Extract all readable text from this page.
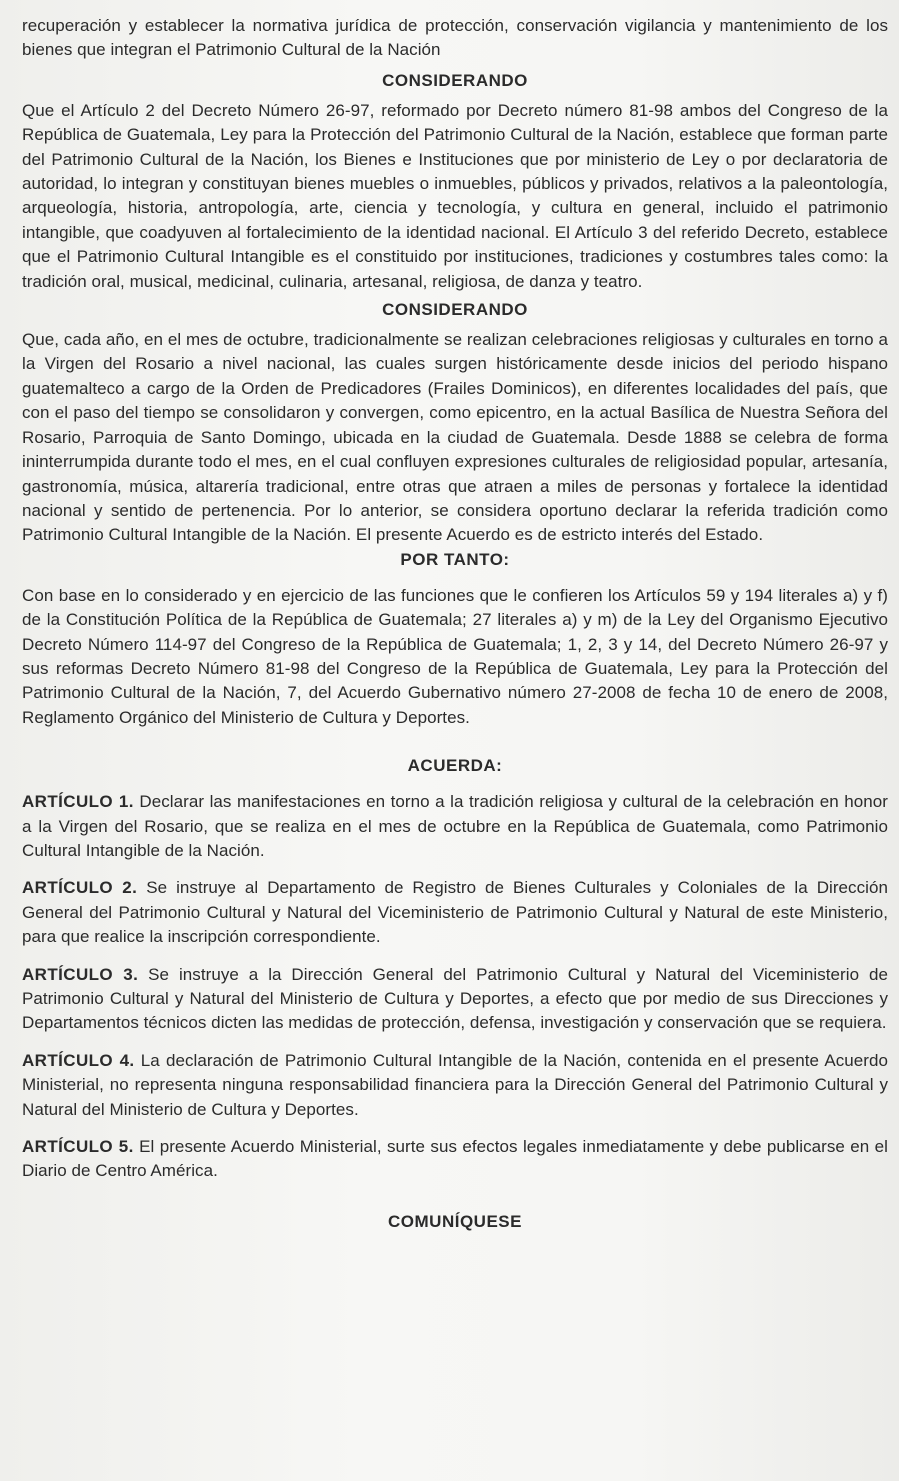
recuperación y establecer la normativa jurídica de protección, conservación vigilancia y mantenimiento de los bienes que integran el Patrimonio Cultural de la Nación

CONSIDERANDO

Que el Artículo 2 del Decreto Número 26-97, reformado por Decreto número 81-98 ambos del Congreso de la República de Guatemala, Ley para la Protección del Patrimonio Cultural de la Nación, establece que forman parte del Patrimonio Cultural de la Nación, los Bienes e Instituciones que por ministerio de Ley o por declaratoria de autoridad, lo integran y constituyan bienes muebles o inmuebles, públicos y privados, relativos a la paleontología, arqueología, historia, antropología, arte, ciencia y tecnología, y cultura en general, incluido el patrimonio intangible, que coadyuven al fortalecimiento de la identidad nacional. El Artículo 3 del referido Decreto, establece que el Patrimonio Cultural Intangible es el constituido por instituciones, tradiciones y costumbres tales como: la tradición oral, musical, medicinal, culinaria, artesanal, religiosa, de danza y teatro.

CONSIDERANDO

Que, cada año, en el mes de octubre, tradicionalmente se realizan celebraciones religiosas y culturales en torno a la Virgen del Rosario a nivel nacional, las cuales surgen históricamente desde inicios del periodo hispano guatemalteco a cargo de la Orden de Predicadores (Frailes Dominicos), en diferentes localidades del país, que con el paso del tiempo se consolidaron y convergen, como epicentro, en la actual Basílica de Nuestra Señora del Rosario, Parroquia de Santo Domingo, ubicada en la ciudad de Guatemala. Desde 1888 se celebra de forma ininterrumpida durante todo el mes, en el cual confluyen expresiones culturales de religiosidad popular, artesanía, gastronomía, música, altarería tradicional, entre otras que atraen a miles de personas y fortalece la identidad nacional y sentido de pertenencia. Por lo anterior, se considera oportuno declarar la referida tradición como Patrimonio Cultural Intangible de la Nación. El presente Acuerdo es de estricto interés del Estado.

POR TANTO:

Con base en lo considerado y en ejercicio de las funciones que le confieren los Artículos 59 y 194 literales a) y f) de la Constitución Política de la República de Guatemala; 27 literales a) y m) de la Ley del Organismo Ejecutivo Decreto Número 114-97 del Congreso de la República de Guatemala; 1, 2, 3 y 14, del Decreto Número 26-97 y sus reformas Decreto Número 81-98 del Congreso de la República de Guatemala, Ley para la Protección del Patrimonio Cultural de la Nación, 7, del Acuerdo Gubernativo número 27-2008 de fecha 10 de enero de 2008, Reglamento Orgánico del Ministerio de Cultura y Deportes.

ACUERDA:

ARTÍCULO 1. Declarar las manifestaciones en torno a la tradición religiosa y cultural de la celebración en honor a la Virgen del Rosario, que se realiza en el mes de octubre en la República de Guatemala, como Patrimonio Cultural Intangible de la Nación.

ARTÍCULO 2. Se instruye al Departamento de Registro de Bienes Culturales y Coloniales de la Dirección General del Patrimonio Cultural y Natural del Viceministerio de Patrimonio Cultural y Natural de este Ministerio, para que realice la inscripción correspondiente.

ARTÍCULO 3. Se instruye a la Dirección General del Patrimonio Cultural y Natural del Viceministerio de Patrimonio Cultural y Natural del Ministerio de Cultura y Deportes, a efecto que por medio de sus Direcciones y Departamentos técnicos dicten las medidas de protección, defensa, investigación y conservación que se requiera.

ARTÍCULO 4. La declaración de Patrimonio Cultural Intangible de la Nación, contenida en el presente Acuerdo Ministerial, no representa ninguna responsabilidad financiera para la Dirección General del Patrimonio Cultural y Natural del Ministerio de Cultura y Deportes.

ARTÍCULO 5. El presente Acuerdo Ministerial, surte sus efectos legales inmediatamente y debe publicarse en el Diario de Centro América.

COMUNÍQUESE
